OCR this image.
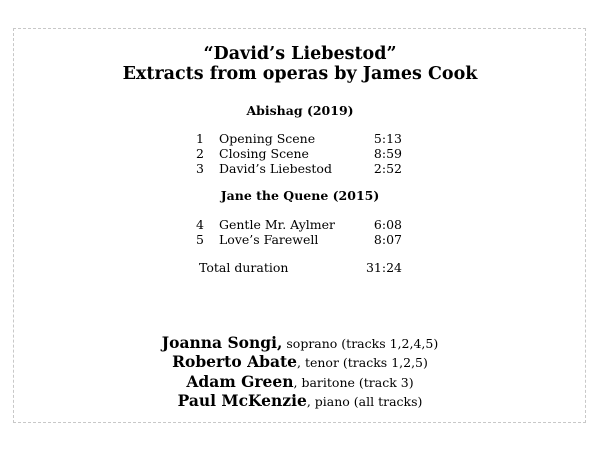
“David’s Liebestod”
Extracts from operas by James Cook
Abishag (2019)
1	Opening Scene	5:13
2	Closing Scene	8:59
3	David’s Liebestod	2:52
Jane the Quene (2015)
4	Gentle Mr. Aylmer	6:08
5	Love’s Farewell	8:07
Total duration	31:24
Joanna Songi, soprano (tracks 1,2,4,5)
Roberto Abate, tenor (tracks 1,2,5)
Adam Green, baritone (track 3)
Paul McKenzie, piano (all tracks)
